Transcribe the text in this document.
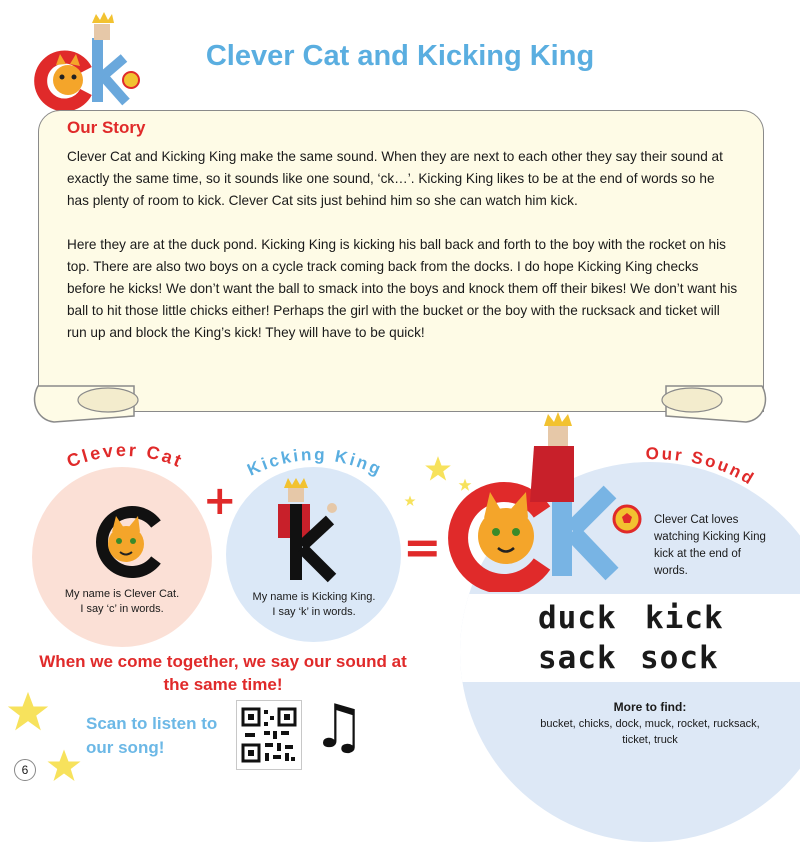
Clever Cat and Kicking King
Our Story

Clever Cat and Kicking King make the same sound. When they are next to each other they say their sound at exactly the same time, so it sounds like one sound, ‘ck…’. Kicking King likes to be at the end of words so he has plenty of room to kick. Clever Cat sits just behind him so she can watch him kick.

Here they are at the duck pond. Kicking King is kicking his ball back and forth to the boy with the rocket on his top. There are also two boys on a cycle track coming back from the docks. I do hope Kicking King checks before he kicks! We don’t want the ball to smack into the boys and knock them off their bikes! We don’t want his ball to hit those little chicks either! Perhaps the girl with the bucket or the boy with the rucksack and ticket will run up and block the King’s kick! They will have to be quick!

Clever Cat	Kicking King
Our Sound
My name is Clever Cat.
I say ‘c’ in words.
My name is Kicking King.
I say ‘k’ in words.
+
=	Clever Cat loves watching Kicking King kick at the end of words.
duck kick
sack sock
More to find:
bucket, chicks, dock, muck, rocket, rucksack, ticket, truck
When we come together, we say our sound at the same time!
Scan to listen to our song!	♫
6
